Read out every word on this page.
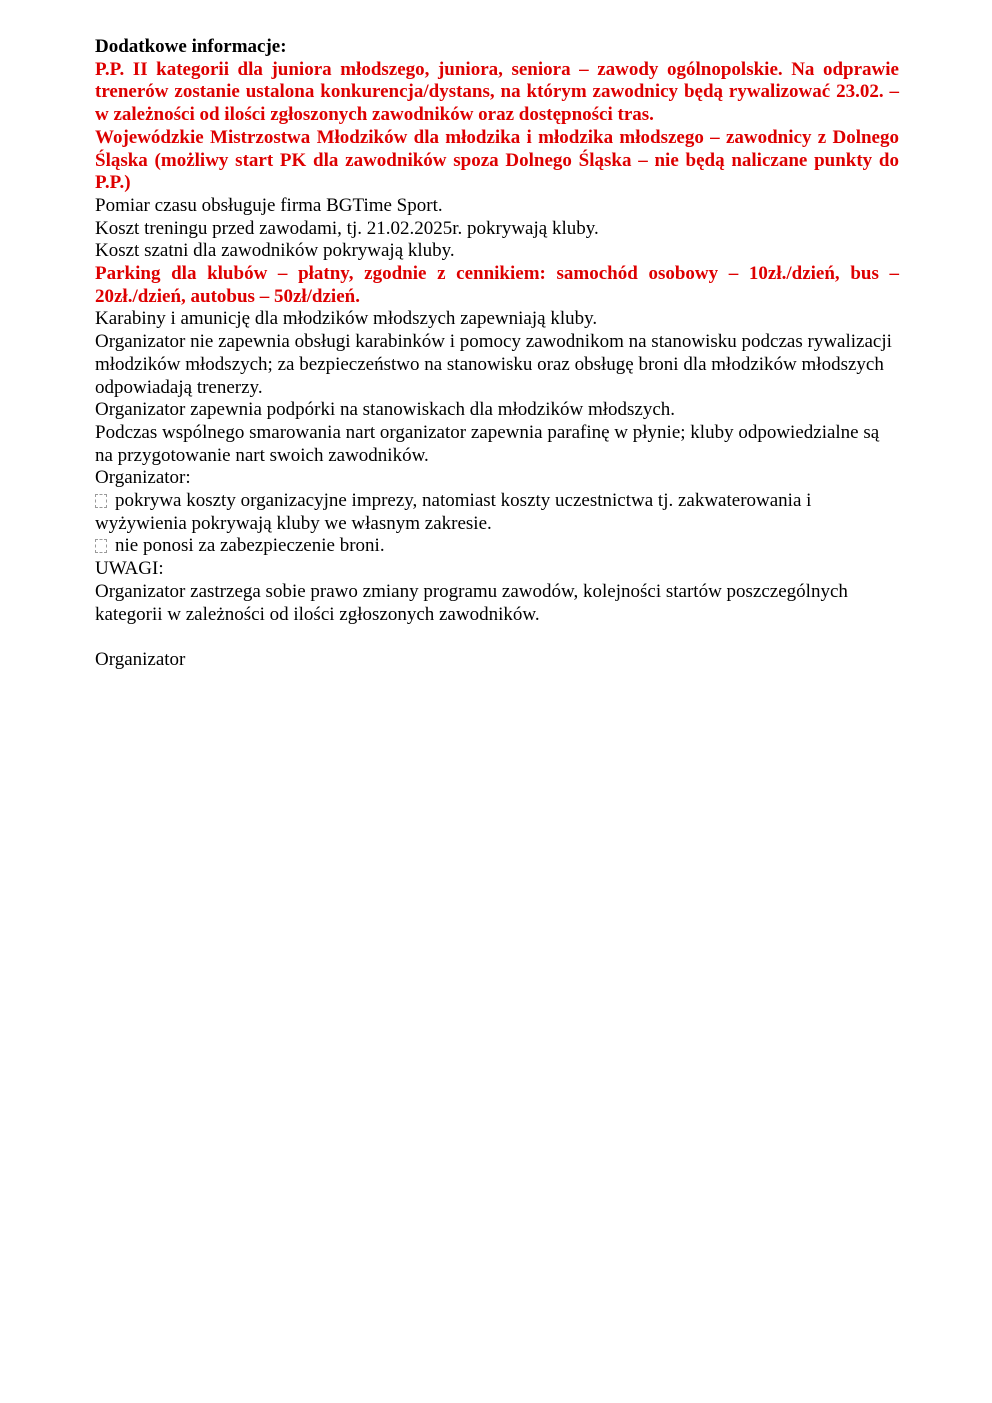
Dodatkowe informacje:

P.P. II kategorii dla juniora młodszego, juniora, seniora – zawody ogólnopolskie. Na odprawie trenerów zostanie ustalona konkurencja/dystans, na którym zawodnicy będą rywalizować 23.02. – w zależności od ilości zgłoszonych zawodników oraz dostępności tras.

Wojewódzkie Mistrzostwa Młodzików dla młodzika i młodzika młodszego – zawodnicy z Dolnego Śląska (możliwy start PK dla zawodników spoza Dolnego Śląska – nie będą naliczane punkty do P.P.)

Pomiar czasu obsługuje firma BGTime Sport.

Koszt treningu przed zawodami, tj. 21.02.2025r. pokrywają kluby.

Koszt szatni dla zawodników pokrywają kluby.

Parking dla klubów – płatny, zgodnie z cennikiem: samochód osobowy – 10zł./dzień, bus – 20zł./dzień, autobus – 50zł/dzień.

Karabiny i amunicję dla młodzików młodszych zapewniają kluby.

Organizator nie zapewnia obsługi karabinków i pomocy zawodnikom na stanowisku podczas rywalizacji młodzików młodszych; za bezpieczeństwo na stanowisku oraz obsługę broni dla młodzików młodszych odpowiadają trenerzy.

Organizator zapewnia podpórki na stanowiskach dla młodzików młodszych.

Podczas wspólnego smarowania nart organizator zapewnia parafinę w płynie; kluby odpowiedzialne są na przygotowanie nart swoich zawodników.

Organizator:

pokrywa koszty organizacyjne imprezy, natomiast koszty uczestnictwa tj. zakwaterowania i wyżywienia pokrywają kluby we własnym zakresie.

nie ponosi za zabezpieczenie broni.

UWAGI:

Organizator zastrzega sobie prawo zmiany programu zawodów, kolejności startów poszczególnych kategorii w zależności od ilości zgłoszonych zawodników.

Organizator
